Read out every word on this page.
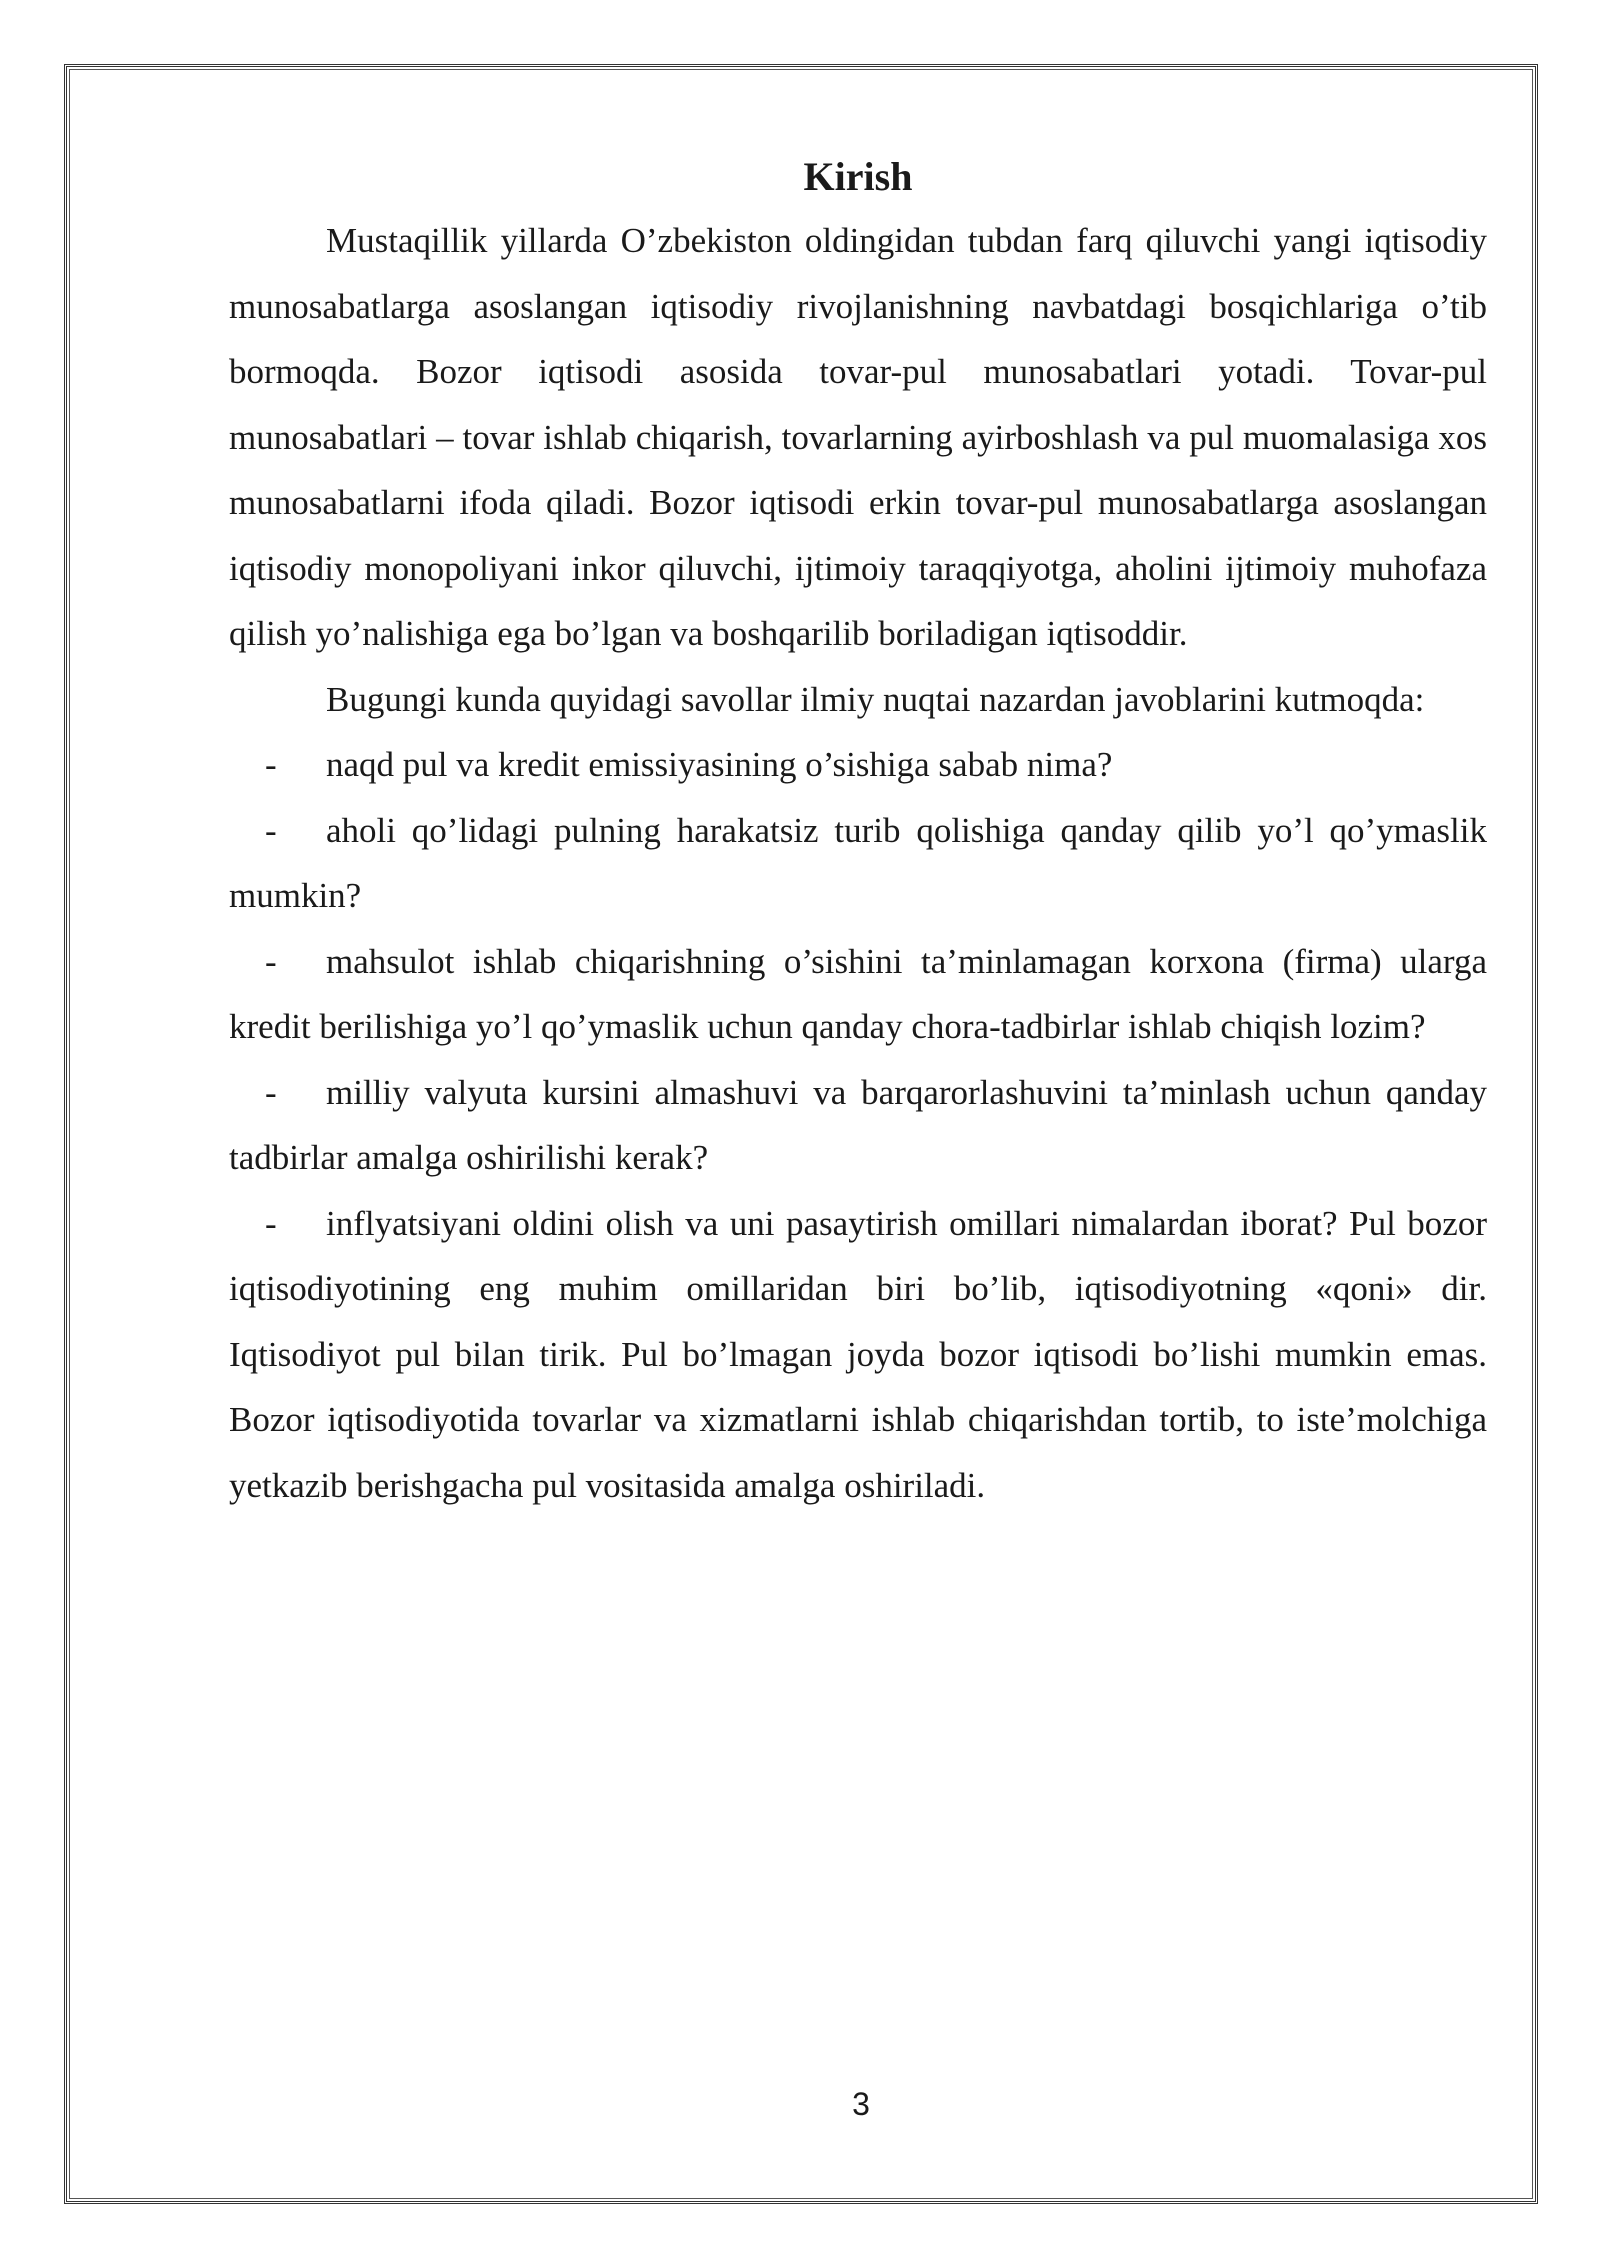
Kirish

Mustaqillik yillarda O’zbekiston oldingidan tubdan farq qiluvchi yangi iqtisodiy munosabatlarga asoslangan iqtisodiy rivojlanishning navbatdagi bosqichlariga o’tib bormoqda. Bozor iqtisodi asosida tovar-pul munosabatlari yotadi. Tovar-pul munosabatlari – tovar ishlab chiqarish, tovarlarning ayirboshlash va pul muomalasiga xos munosabatlarni ifoda qiladi. Bozor iqtisodi erkin tovar-pul munosabatlarga asoslangan iqtisodiy monopoliyani inkor qiluvchi, ijtimoiy taraqqiyotga, aholini ijtimoiy muhofaza qilish yo’nalishiga ega bo’lgan va boshqarilib boriladigan iqtisoddir.

Bugungi kunda quyidagi savollar ilmiy nuqtai nazardan javoblarini kutmoqda:

- naqd pul va kredit emissiyasining o’sishiga sabab nima?

- aholi qo’lidagi pulning harakatsiz turib qolishiga qanday qilib yo’l qo’ymaslik mumkin?

- mahsulot ishlab chiqarishning o’sishini ta’minlamagan korxona (firma) ularga kredit berilishiga yo’l qo’ymaslik uchun qanday chora-tadbirlar ishlab chiqish lozim?

- milliy valyuta kursini almashuvi va barqarorlashuvini ta’minlash uchun qanday tadbirlar amalga oshirilishi kerak?

- inflyatsiyani oldini olish va uni pasaytirish omillari nimalardan iborat? Pul bozor iqtisodiyotining eng muhim omillaridan biri bo’lib, iqtisodiyotning «qoni» dir. Iqtisodiyot pul bilan tirik. Pul bo’lmagan joyda bozor iqtisodi bo’lishi mumkin emas. Bozor iqtisodiyotida tovarlar va xizmatlarni ishlab chiqarishdan tortib, to iste’molchiga yetkazib berishgacha pul vositasida amalga oshiriladi.

3
